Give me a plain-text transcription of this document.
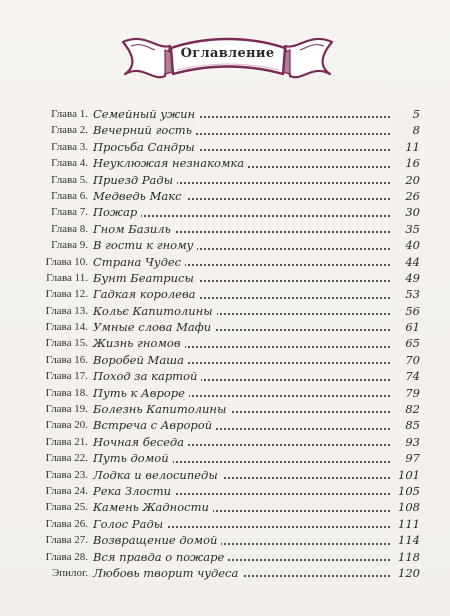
Оглавление
Глава 1. Семейный ужин	5
Глава 2. Вечерний гость	8
Глава 3. Просьба Сандры	11
Глава 4. Неуклюжая незнакомка	16
Глава 5. Приезд Рады	20
Глава 6. Медведь Макс	26
Глава 7. Пожар	30
Глава 8. Гном Базиль	35
Глава 9. В гости к гному	40
Глава 10. Страна Чудес	44
Глава 11. Бунт Беатрисы	49
Глава 12. Гадкая королева	53
Глава 13. Кольє Капитолины	56
Глава 14. Умные слова Мафи	61
Глава 15. Жизнь гномов	65
Глава 16. Воробей Маша	70
Глава 17. Поход за картой	74
Глава 18. Путь к Авроре	79
Глава 19. Болезнь Капитолины	82
Глава 20. Встреча с Авророй	85
Глава 21. Ночная беседа	93
Глава 22. Путь домой	97
Глава 23. Лодка и велосипеды	101
Глава 24. Река Злости	105
Глава 25. Камень Жадности	108
Глава 26. Голос Рады	111
Глава 27. Возвращение домой	114
Глава 28. Вся правда о пожаре	118
Эпилог. Любовь творит чудеса	120
